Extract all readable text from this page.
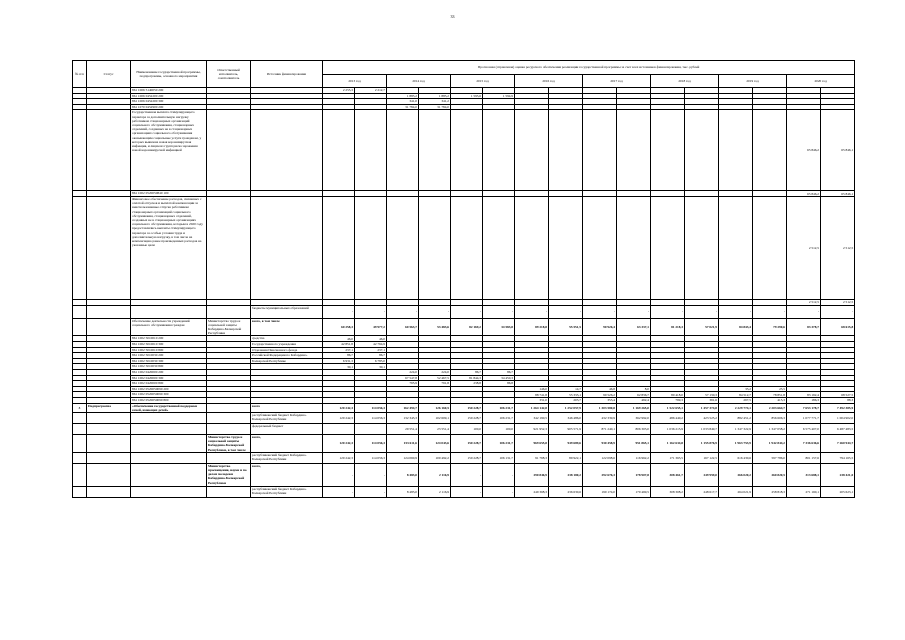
33
№ п/п	Статус	Наименование государственной программы, подпрограммы, основного мероприятия	Ответственный исполнитель, соисполнитель	Источник финансирования	Прогнозная (справочная) оценка ресурсного обеспечения реализации государственной программы за счет всех источников финансирования, тыс. рублей															
					2013 год		2014 год		2015 год		2016 год		2017 год		2018 год		2019 год		2020 год	
		861 1006 5140050 200			2 255,3	2 212,7														
		861 1006 0452200 200					1 883,2	1 883,2	1 593,6	1 594,9										
		861 1006 0452200 300					341,0	341,2												
		861 1070 0452900 200					31 784,0	31 784,0												
		Государственная выплата стимулирующего характера за дополнительную нагрузку работникам стационарных организаций социального обслуживания, стационарных отделений, созданных не в стационарных организациях социального обслуживания оказывающим социальные услуги гражданам, у которых выявлена новая коронавирусная инфекция, и лицам из групп риска заражения новой коронавирусной инфекцией																	65 846,2	65 846,1
		861 1002 0520050840 100																	65 846,2	65 846,1
		Финансовое обеспечение расходов, связанных с оплатой отпусков и выплатой компенсации за неиспользованные отпуска работникам стационарных организаций социального обслуживания, стационарных отделений, созданных не в стационарных организациях социального обслуживания, которым в 2020 году предоставлялись выплаты стимулирующего характера за особые условия труда и дополнительную нагрузку, в том числе на компенсацию ранее произведенных расходов на указанные цели																	2 512,5	2 512,5
																			2 512,5	2 512,5
				бюджеты муниципальных образований	-	-	-	-	-	-	-	-	-	-	-	-	-	-	-	-
		Обеспечение деятельности учреждений социального обслуживания граждан	Министерство труда и социальной защиты Кабардино-Балкарской Республики	всего, в том числе	60 258,3	49 977,2	60 563,7	53 483,6	82 169,2	34 583,8	89 218,8	55 551,5	90 926,4	63 337,1	81 218,3	57 021,9	84 843,4	79 290,6	83 378,7	68 615,8
		861 1002 5010010 200		средства	46,0	46,0														
		861 1002 5010010 300		Государственного учреждения	42 851,8	42 794,9														
		861 1002 5010010 800		Отделения Пенсионного фонда	237,1	237,1														
		861 1002 5010030 200		Российской Федерации по Кабардино-	86,7	86,7														
		861 1002 5010030 300		Балкарской Республике	6 931,3	6 783,0														
		861 1002 5010030 800			30,1	30,1														
		861 1002 0420000 200					224,0	224,0	86,7	86,7										
		861 1002 0420000 300					67 547,8	52 467,5	81 844,3	34 450,3										
		861 1002 0420000 800					795,9	791,8	238,8	86,8										
		861 1002 0520050090 200									146,0	14,7	46,8	8,0			33,2	23,5		
		861 1002 0520050090 300									88 741,8	55 333,1	90 526,2	62 836,7	80 418,0	57 130,3	84 512,7	78 851,8	83 192,4	68 527,5
		861 1002 0520050090 800									331,0	203,7	353,4	492,4	799,3	391,6	297,5	415,3	186,3	88,3
3	Подпрограмма	«Обеспечение государственной поддержки семей, имеющих детей»		всего	120 242,3	114 056,3	162 494,7	126 160,5	150 228,7	106 231,7	1 264 142,8	1 252 057,9	1 303 580,8	1 169 265,0	1 522 655,1	1 457 374,8	2 229 774,1	2 203 664,7	7 653 178,7	7 492 385,9
				республиканский бюджет Кабардино-Балкарской Республики	120 242,3	114 056,3	132 343,3	102 609,1	150 228,7	106 231,7	342 190,5	346 486,0	432 339,9	362 992,0	486 440,2	423 525,2	882 451,2	856 606,3	1 077 771,7	1 004 902,0
				федеральный бюджет			29 551,4	23 551,4	100,0	100,0	921 952,3	905 571,9	871 240,1	806 303,0	1 036 215,9	1 033 849,7	1 347 322,9	1 347 058,2	6 575 407,0	6 487 483,5
			Министерство труда и социальной защиты Кабардино-Балкарской Республики, в том числе	всего,	120 242,3	114 056,3	153 611,6	124 043,6	150 228,7	106 231,7	969 655,8	949 689,6	930 458,9	951 865,1	1 162 634,8	1 155 876,9	1 963 753,9	1 942 844,2	7 336 636,6	7 260 944,7
				республиканский бюджет Кабардино-Балкарской Республики	120 242,3	114 056,3	124 060,9	100 492,2	150 228,7	106 131,7	91 798,3	89 922,1	122 098,6	116 962,2	171 363,5	167 122,5	616 430,6	597 786,0	801 157,6	794 165,5
			Министерство просвещения, науки и по делам молодежи Кабардино-Балкарской Республики	всего,	-	-	8 483,0	2 116,9	-	-	290 846,9	238 180,2	292 676,3	178 907,8	308 461,7	249 959,0	266 020,2	260 820,5	313 688,1	238 421,0
				республиканский бюджет Кабардино-Балкарской Республики	-	-	8 483,0	2 116,9	-	-	249 368,3	236 630,6	190 174,0	170 469,5	308 308,2	248 617,7	264 021,9	258 818,3	271 160,1	205 623,1
